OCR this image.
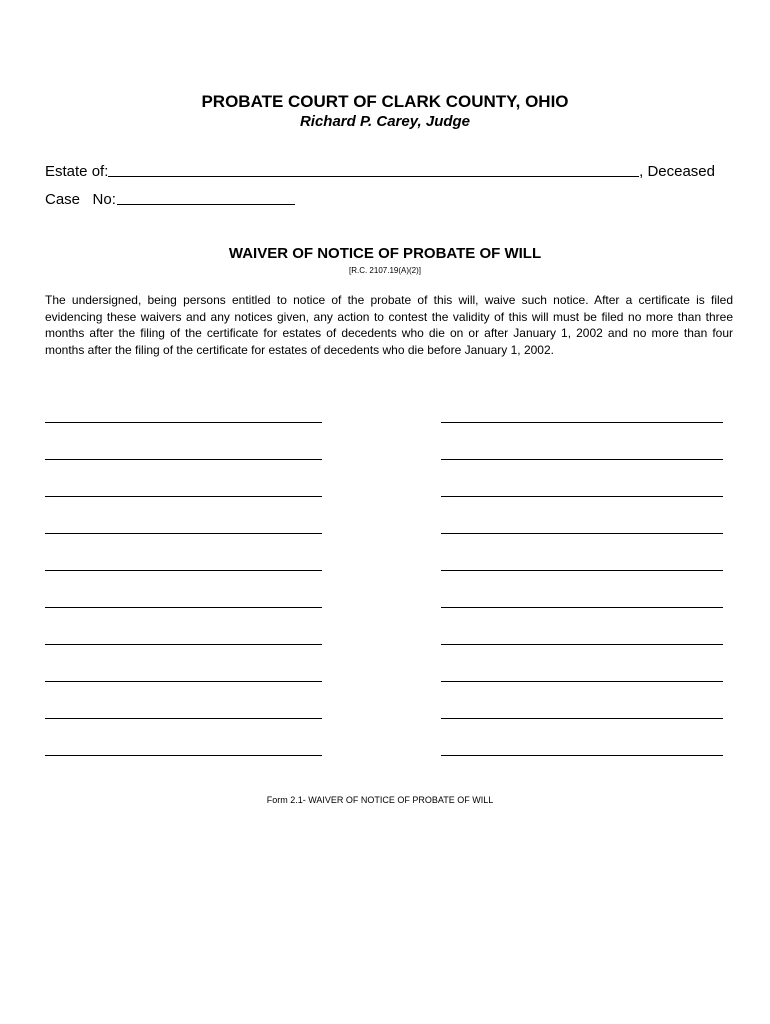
PROBATE COURT OF CLARK COUNTY, OHIO
Richard P. Carey, Judge
Estate of:	, Deceased
Case   No:
WAIVER OF NOTICE OF PROBATE OF WILL
[R.C. 2107.19(A)(2)]
The undersigned, being persons entitled to notice of the probate of this will, waive such notice. After a certificate is filed evidencing these waivers and any notices given, any action to contest the validity of this will must be filed no more than three months after the filing of the certificate for estates of decedents who die on or after January 1, 2002 and no more than four months after the filing of the certificate for estates of decedents who die before January 1, 2002.
Form 2.1- WAIVER OF NOTICE OF PROBATE OF WILL
